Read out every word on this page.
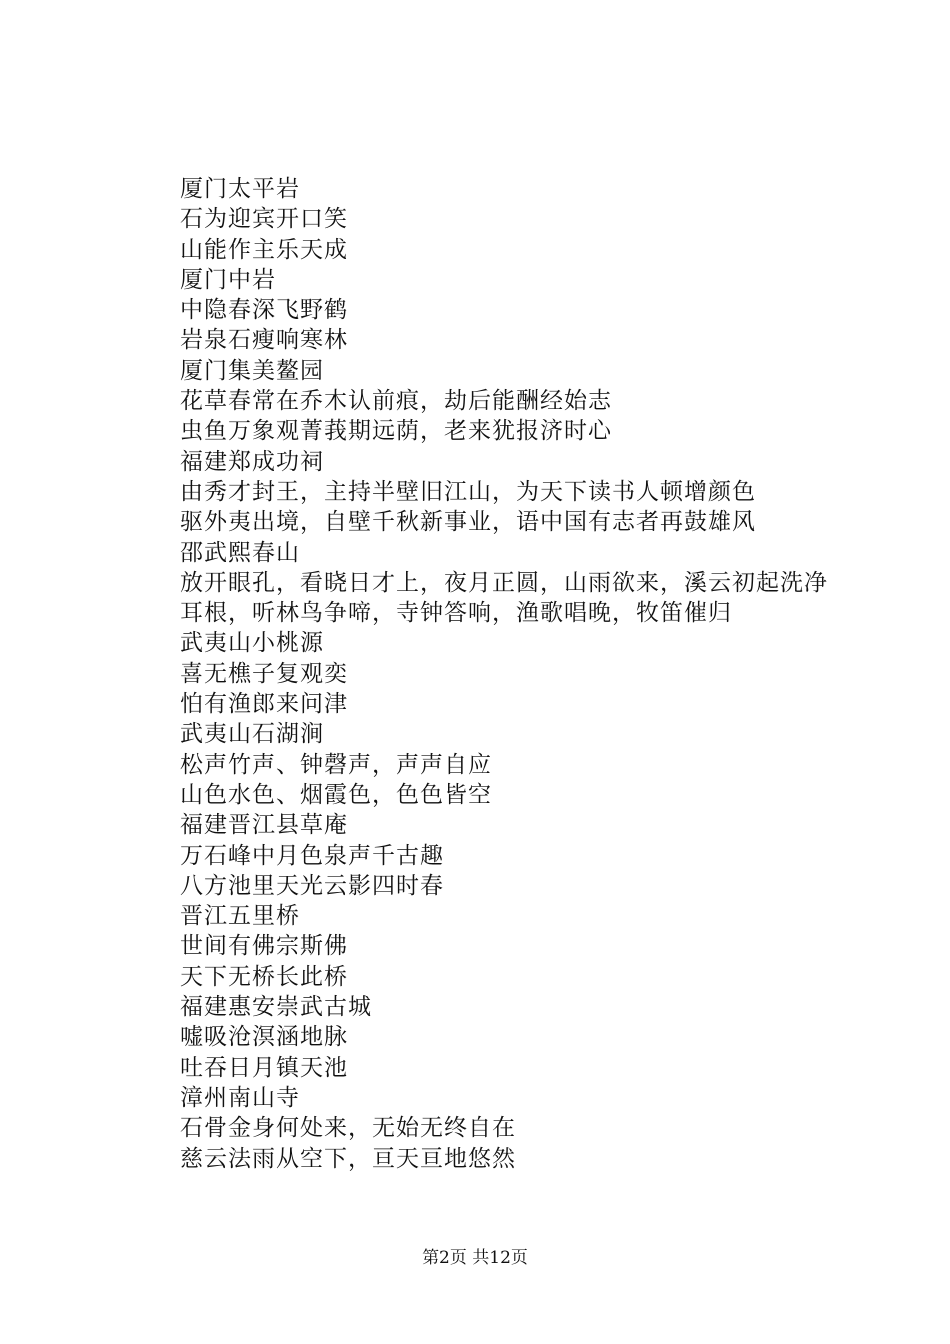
厦门太平岩
石为迎宾开口笑
山能作主乐天成
厦门中岩
中隐春深飞野鹤
岩泉石瘦响寒林
厦门集美鳌园
花草春常在乔木认前痕，劫后能酬经始志
虫鱼万象观菁莪期远荫，老来犹报济时心
福建郑成功祠
由秀才封王，主持半壁旧江山，为天下读书人顿增颜色
驱外夷出境，自壁千秋新事业，语中国有志者再鼓雄风
邵武熙春山
放开眼孔，看晓日才上，夜月正圆，山雨欲来，溪云初起洗净耳根，听林鸟争啼，寺钟答响，渔歌唱晚，牧笛催归
武夷山小桃源
喜无樵子复观奕
怕有渔郎来问津
武夷山石湖涧
松声竹声、钟磬声，声声自应
山色水色、烟霞色，色色皆空
福建晋江县草庵
万石峰中月色泉声千古趣
八方池里天光云影四时春
晋江五里桥
世间有佛宗斯佛
天下无桥长此桥
福建惠安崇武古城
嘘吸沧溟涵地脉
吐吞日月镇天池
漳州南山寺
石骨金身何处来，无始无终自在
慈云法雨从空下，亘天亘地悠然
第2页 共12页
